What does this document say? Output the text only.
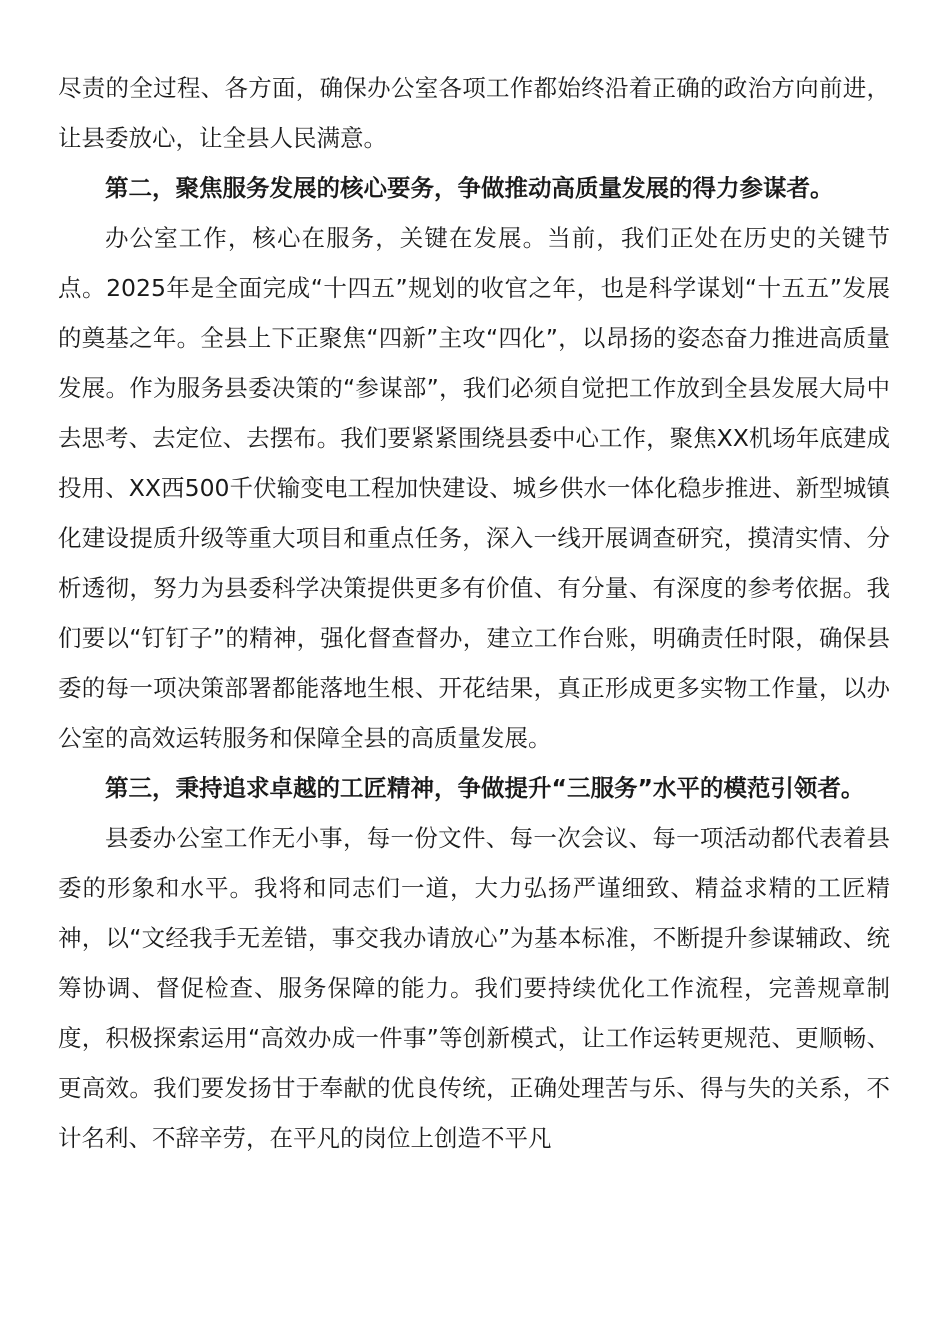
尽责的全过程、各方面，确保办公室各项工作都始终沿着正确的政治方向前进，让县委放心，让全县人民满意。

第二，聚焦服务发展的核心要务，争做推动高质量发展的得力参谋者。

办公室工作，核心在服务，关键在发展。当前，我们正处在历史的关键节点。2025年是全面完成“十四五”规划的收官之年，也是科学谋划“十五五”发展的奠基之年。全县上下正聚焦“四新”主攻“四化”，以昂扬的姿态奋力推进高质量发展。作为服务县委决策的“参谋部”，我们必须自觉把工作放到全县发展大局中去思考、去定位、去摆布。我们要紧紧围绕县委中心工作，聚焦XX机场年底建成投用、XX西500千伏输变电工程加快建设、城乡供水一体化稳步推进、新型城镇化建设提质升级等重大项目和重点任务，深入一线开展调查研究，摸清实情、分析透彻，努力为县委科学决策提供更多有价值、有分量、有深度的参考依据。我们要以“钉钉子”的精神，强化督查督办，建立工作台账，明确责任时限，确保县委的每一项决策部署都能落地生根、开花结果，真正形成更多实物工作量，以办公室的高效运转服务和保障全县的高质量发展。

第三，秉持追求卓越的工匠精神，争做提升“三服务”水平的模范引领者。

县委办公室工作无小事，每一份文件、每一次会议、每一项活动都代表着县委的形象和水平。我将和同志们一道，大力弘扬严谨细致、精益求精的工匠精神，以“文经我手无差错，事交我办请放心”为基本标准，不断提升参谋辅政、统筹协调、督促检查、服务保障的能力。我们要持续优化工作流程，完善规章制度，积极探索运用“高效办成一件事”等创新模式，让工作运转更规范、更顺畅、更高效。我们要发扬甘于奉献的优良传统，正确处理苦与乐、得与失的关系，不计名利、不辞辛劳，在平凡的岗位上创造不平凡
